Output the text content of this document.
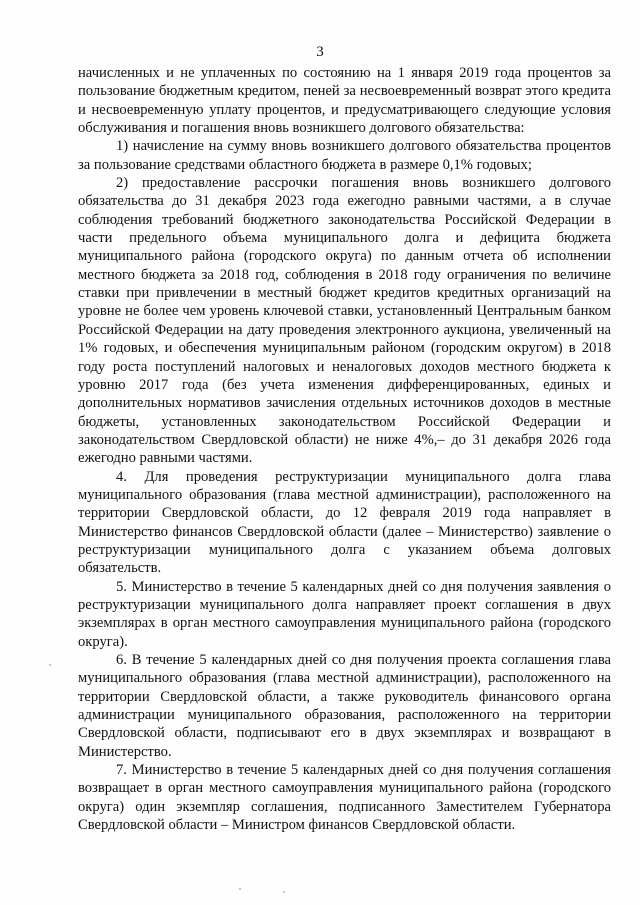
3

начисленных и не уплаченных по состоянию на 1 января 2019 года процентов за пользование бюджетным кредитом, пеней за несвоевременный возврат этого кредита и несвоевременную уплату процентов, и предусматривающего следующие условия обслуживания и погашения вновь возникшего долгового обязательства:

1) начисление на сумму вновь возникшего долгового обязательства процентов за пользование средствами областного бюджета в размере 0,1% годовых;

2) предоставление рассрочки погашения вновь возникшего долгового обязательства до 31 декабря 2023 года ежегодно равными частями, а в случае соблюдения требований бюджетного законодательства Российской Федерации в части предельного объема муниципального долга и дефицита бюджета муниципального района (городского округа) по данным отчета об исполнении местного бюджета за 2018 год, соблюдения в 2018 году ограничения по величине ставки при привлечении в местный бюджет кредитов кредитных организаций на уровне не более чем уровень ключевой ставки, установленный Центральным банком Российской Федерации на дату проведения электронного аукциона, увеличенный на 1% годовых, и обеспечения муниципальным районом (городским округом) в 2018 году роста поступлений налоговых и неналоговых доходов местного бюджета к уровню 2017 года (без учета изменения дифференцированных, единых и дополнительных нормативов зачисления отдельных источников доходов в местные бюджеты, установленных законодательством Российской Федерации и законодательством Свердловской области) не ниже 4%,– до 31 декабря 2026 года ежегодно равными частями.

4. Для проведения реструктуризации муниципального долга глава муниципального образования (глава местной администрации), расположенного на территории Свердловской области, до 12 февраля 2019 года направляет в Министерство финансов Свердловской области (далее – Министерство) заявление о реструктуризации муниципального долга с указанием объема долговых обязательств.

5. Министерство в течение 5 календарных дней со дня получения заявления о реструктуризации муниципального долга направляет проект соглашения в двух экземплярах в орган местного самоуправления муниципального района (городского округа).

6. В течение 5 календарных дней со дня получения проекта соглашения глава муниципального образования (глава местной администрации), расположенного на территории Свердловской области, а также руководитель финансового органа администрации муниципального образования, расположенного на территории Свердловской области, подписывают его в двух экземплярах и возвращают в Министерство.

7. Министерство в течение 5 календарных дней со дня получения соглашения возвращает в орган местного самоуправления муниципального района (городского округа) один экземпляр соглашения, подписанного Заместителем Губернатора Свердловской области – Министром финансов Свердловской области.
